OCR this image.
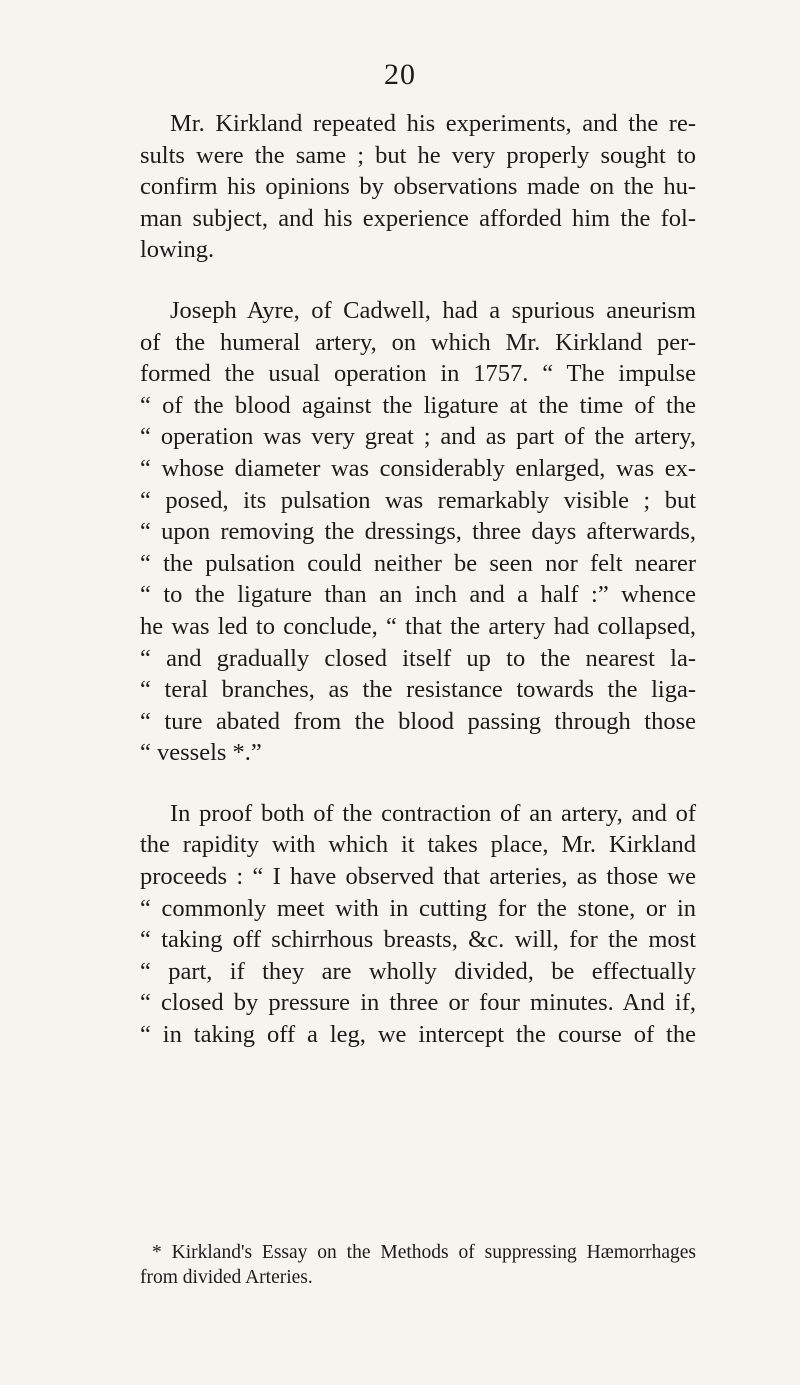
20
Mr. Kirkland repeated his experiments, and the re-
sults were the same ; but he very properly sought to
confirm his opinions by observations made on the hu-
man subject, and his experience afforded him the fol-
lowing.
Joseph Ayre, of Cadwell, had a spurious aneurism
of the humeral artery, on which Mr. Kirkland per-
formed the usual operation in 1757. “ The impulse
“ of the blood against the ligature at the time of the
“ operation was very great ; and as part of the artery,
“ whose diameter was considerably enlarged, was ex-
“ posed, its pulsation was remarkably visible ; but
“ upon removing the dressings, three days afterwards,
“ the pulsation could neither be seen nor felt nearer
“ to the ligature than an inch and a half :” whence
he was led to conclude, “ that the artery had collapsed,
“ and gradually closed itself up to the nearest la-
“ teral branches, as the resistance towards the liga-
“ ture abated from the blood passing through those
“ vessels *.”
In proof both of the contraction of an artery, and of
the rapidity with which it takes place, Mr. Kirkland
proceeds : “ I have observed that arteries, as those we
“ commonly meet with in cutting for the stone, or in
“ taking off schirrhous breasts, &c. will, for the most
“ part, if they are wholly divided, be effectually
“ closed by pressure in three or four minutes. And if,
“ in taking off a leg, we intercept the course of the
* Kirkland's Essay on the Methods of suppressing Hæmorrhages
from divided Arteries.
